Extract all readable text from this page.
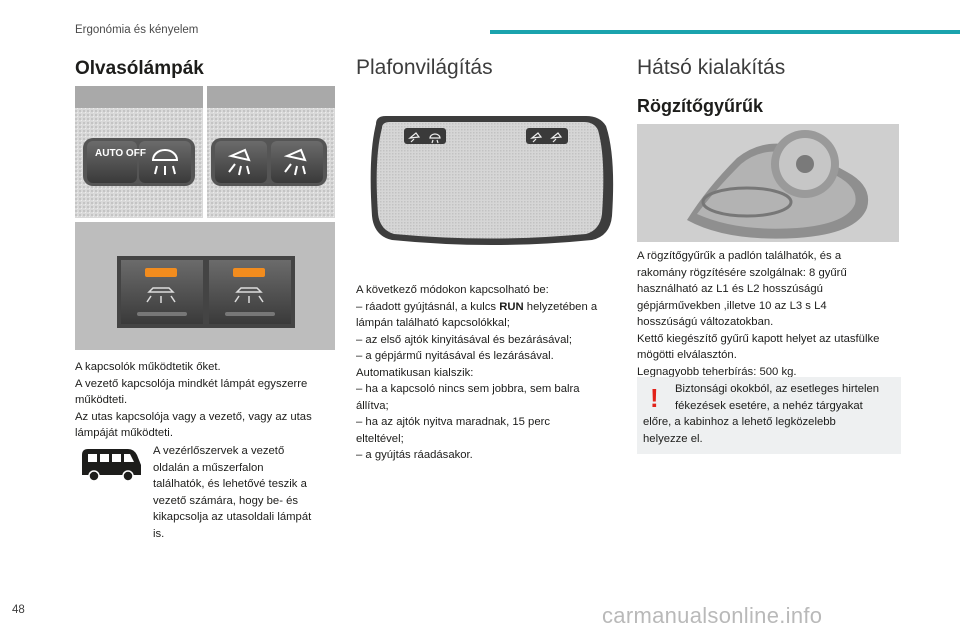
Ergonómia és kényelem
Olvasólámpák
AUTO OFF
A kapcsolók működtetik őket.
A vezető kapcsolója mindkét lámpát egyszerre
működteti.
Az utas kapcsolója vagy a vezető, vagy az utas
lámpáját működteti.
A vezérlőszervek a vezető
oldalán a műszerfalon
találhatók, és lehetővé teszik a
vezető számára, hogy be- és
kikapcsolja az utasoldali lámpát
is.
Plafonvilágítás
A következő módokon kapcsolható be:
– ráadott gyújtásnál, a kulcs RUN helyzetében a
lámpán található kapcsolókkal;
– az első ajtók kinyitásával és bezárásával;
– a gépjármű nyitásával és lezárásával.
Automatikusan kialszik:
– ha a kapcsoló nincs sem jobbra, sem balra
állítva;
– ha az ajtók nyitva maradnak, 15 perc
elteltével;
– a gyújtás ráadásakor.
Hátsó kialakítás
Rögzítőgyűrűk
A rögzítőgyűrűk a padlón találhatók, és a
rakomány rögzítésére szolgálnak: 8 gyűrű
használható az L1 és L2 hosszúságú
gépjárművekben ,illetve 10 az L3 s L4
hosszúságú változatokban.
Kettő kiegészítő gyűrű kapott helyet az utasfülke
mögötti elválasztón.
Legnagyobb teherbírás: 500 kg.
!	Biztonsági okokból, az esetleges hirtelen
fékezések esetére, a nehéz tárgyakat
előre, a kabinhoz a lehető legközelebb
helyezze el.
48	carmanualsonline.info
